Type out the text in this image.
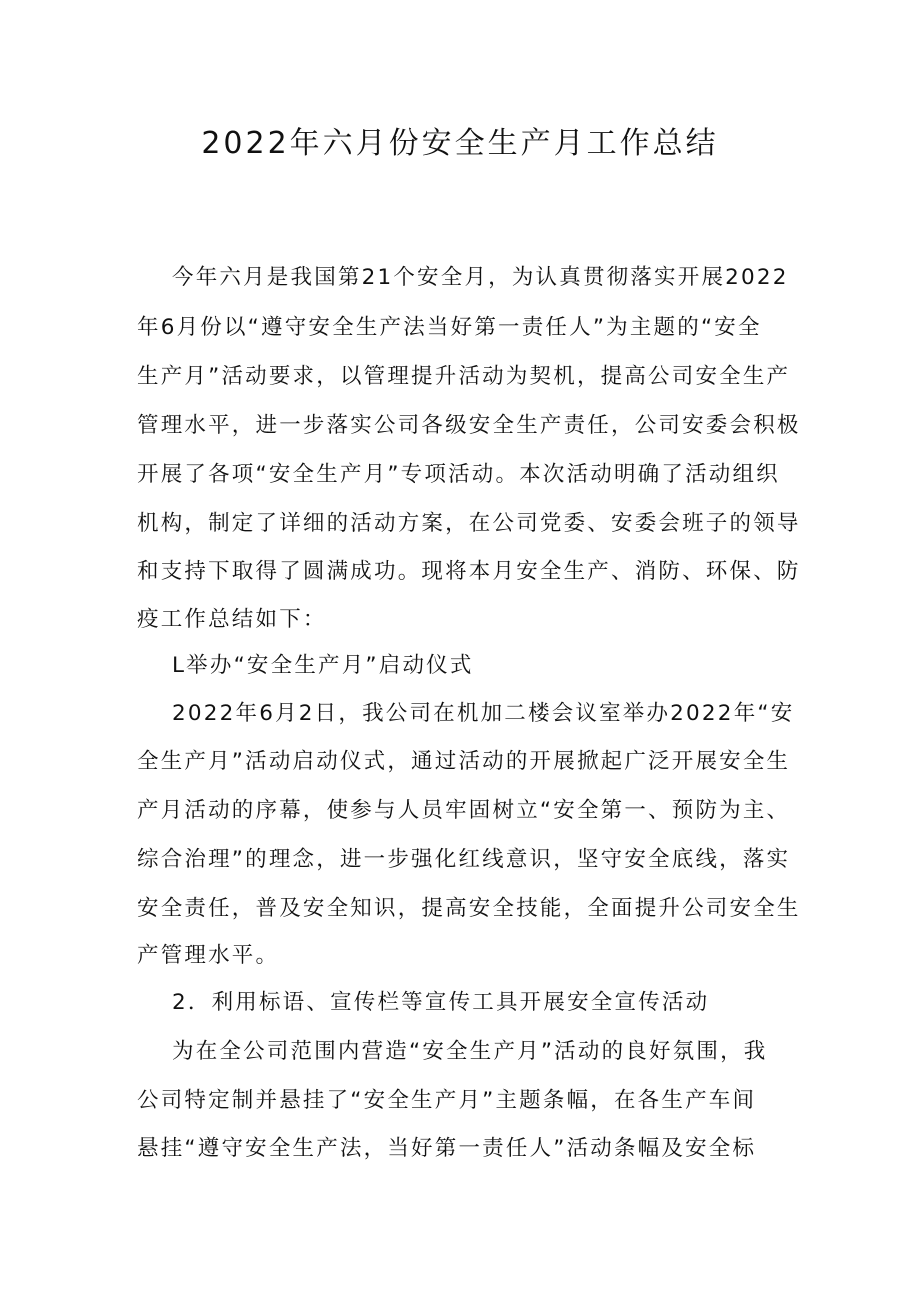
2022年六月份安全生产月工作总结

今年六月是我国第21个安全月，为认真贯彻落实开展2022

年6月份以“遵守安全生产法当好第一责任人”为主题的“安全

生产月”活动要求，以管理提升活动为契机，提高公司安全生产

管理水平，进一步落实公司各级安全生产责任，公司安委会积极

开展了各项“安全生产月”专项活动。本次活动明确了活动组织

机构，制定了详细的活动方案，在公司党委、安委会班子的领导

和支持下取得了圆满成功。现将本月安全生产、消防、环保、防

疫工作总结如下：

L举办“安全生产月”启动仪式

2022年6月2日，我公司在机加二楼会议室举办2022年“安

全生产月”活动启动仪式，通过活动的开展掀起广泛开展安全生

产月活动的序幕，使参与人员牢固树立“安全第一、预防为主、

综合治理”的理念，进一步强化红线意识，坚守安全底线，落实

安全责任，普及安全知识，提高安全技能，全面提升公司安全生

产管理水平。

2．利用标语、宣传栏等宣传工具开展安全宣传活动

为在全公司范围内营造“安全生产月”活动的良好氛围，我

公司特定制并悬挂了“安全生产月”主题条幅，在各生产车间

悬挂“遵守安全生产法，当好第一责任人”活动条幅及安全标
